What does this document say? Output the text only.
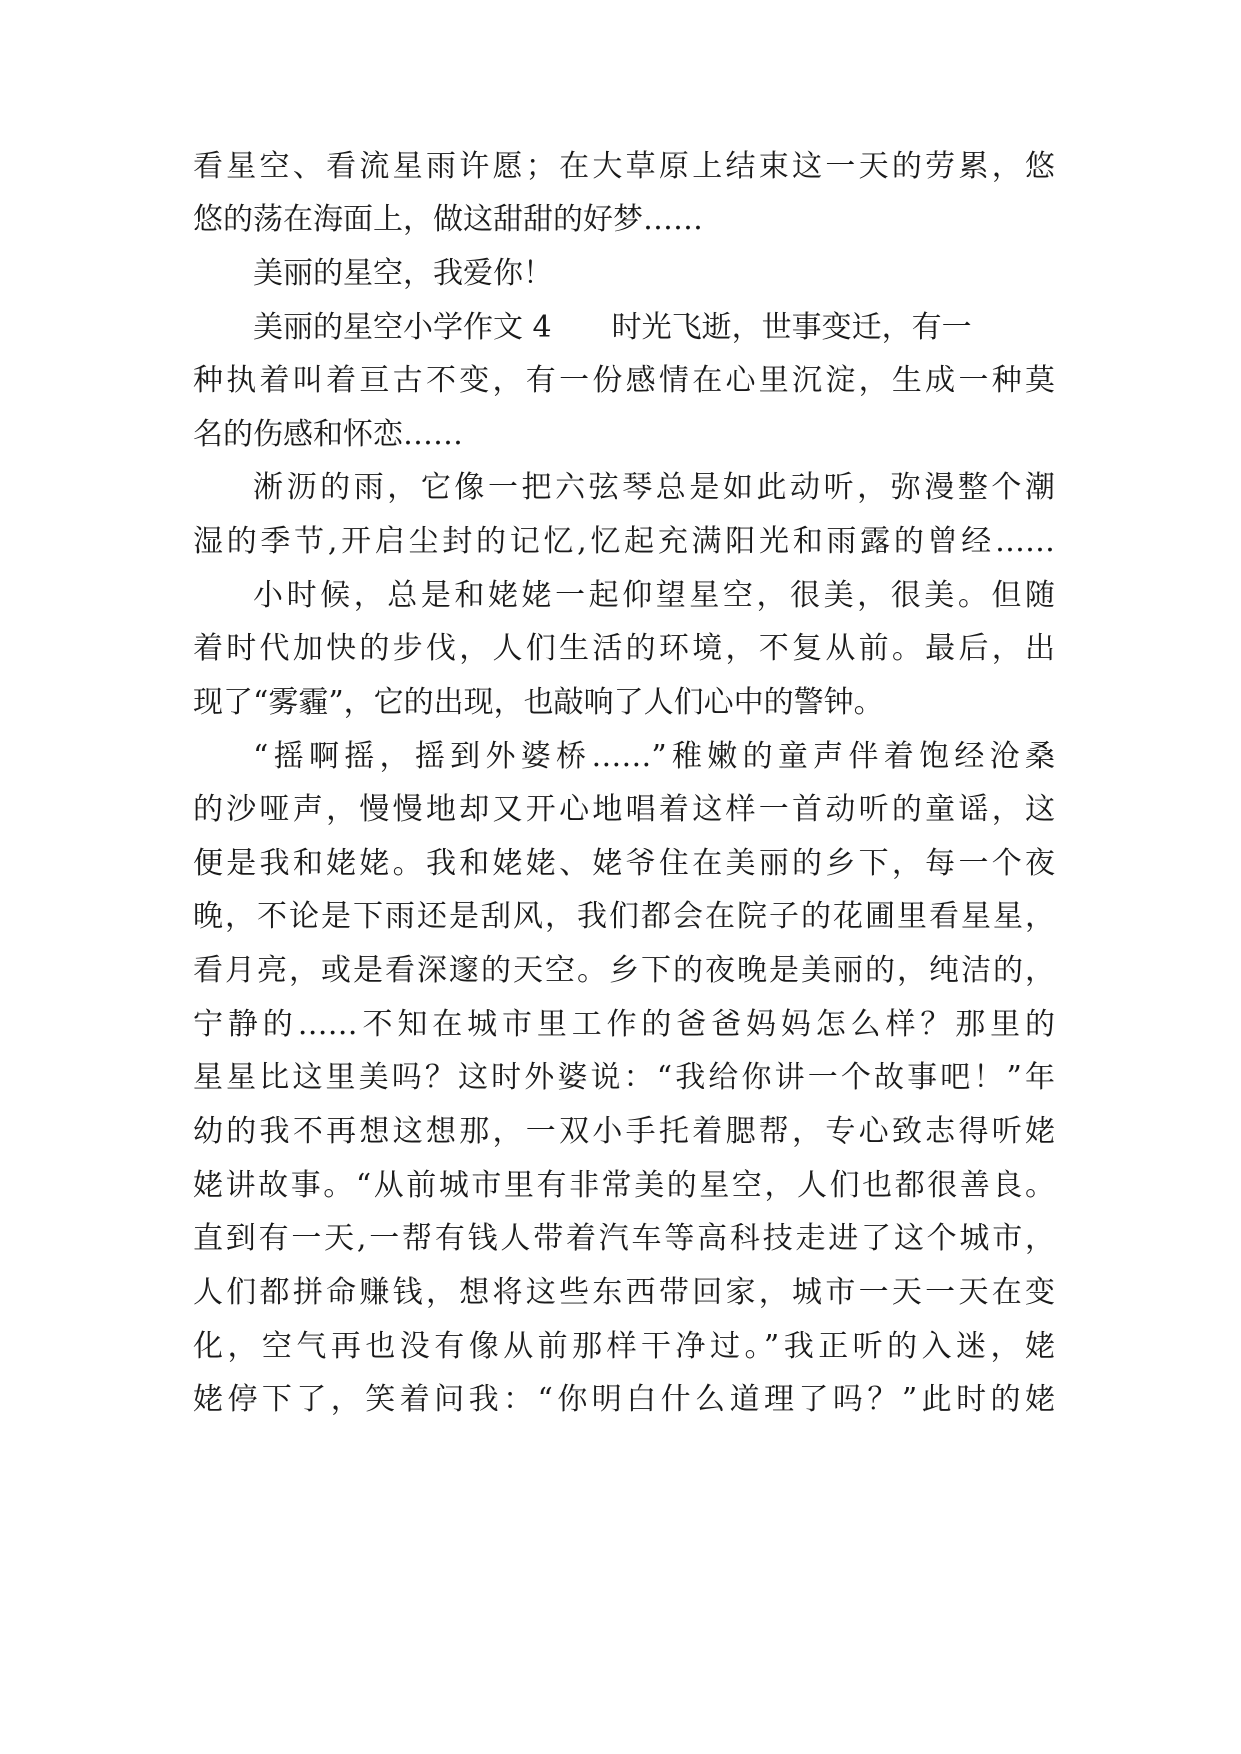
看星空、看流星雨许愿；在大草原上结束这一天的劳累，悠
悠的荡在海面上，做这甜甜的好梦……
美丽的星空，我爱你！
美丽的星空小学作文 4　　时光飞逝，世事变迁，有一
种执着叫着亘古不变，有一份感情在心里沉淀，生成一种莫
名的伤感和怀恋……
淅沥的雨，它像一把六弦琴总是如此动听，弥漫整个潮
湿的季节,开启尘封的记忆,忆起充满阳光和雨露的曾经……
小时候，总是和姥姥一起仰望星空，很美，很美。但随
着时代加快的步伐，人们生活的环境，不复从前。最后，出
现了“雾霾”，它的出现，也敲响了人们心中的警钟。
“摇啊摇，摇到外婆桥……”稚嫩的童声伴着饱经沧桑
的沙哑声，慢慢地却又开心地唱着这样一首动听的童谣，这
便是我和姥姥。我和姥姥、姥爷住在美丽的乡下，每一个夜
晚，不论是下雨还是刮风，我们都会在院子的花圃里看星星，
看月亮，或是看深邃的天空。乡下的夜晚是美丽的，纯洁的，
宁静的……不知在城市里工作的爸爸妈妈怎么样？那里的
星星比这里美吗？这时外婆说：“我给你讲一个故事吧！”年
幼的我不再想这想那，一双小手托着腮帮，专心致志得听姥
姥讲故事。“从前城市里有非常美的星空，人们也都很善良。
直到有一天,一帮有钱人带着汽车等高科技走进了这个城市，
人们都拼命赚钱，想将这些东西带回家，城市一天一天在变
化，空气再也没有像从前那样干净过。”我正听的入迷，姥
姥停下了，笑着问我：“你明白什么道理了吗？”此时的姥
